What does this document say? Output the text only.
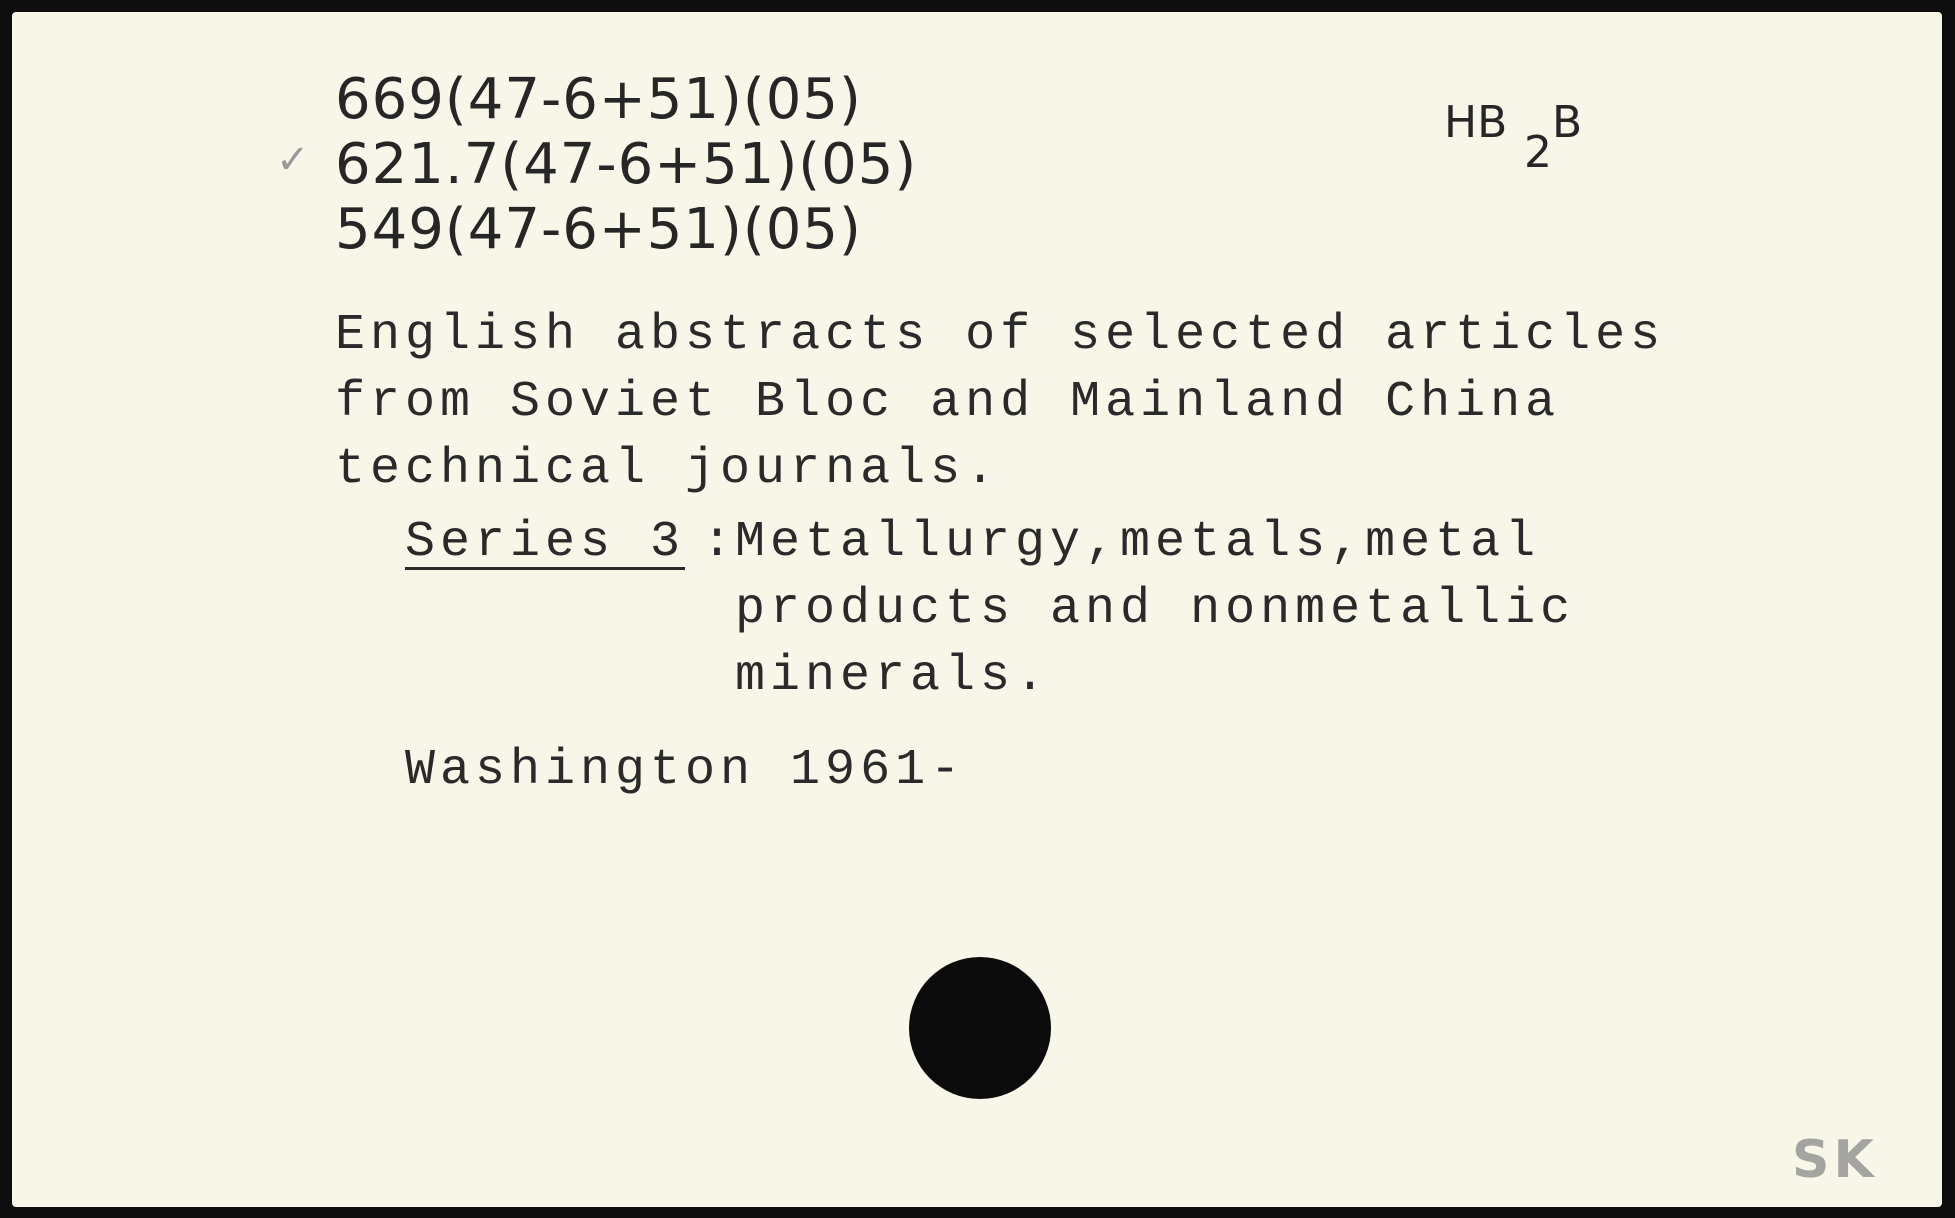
✓

669(47-6+51)(05)

621.7(47-6+51)(05)

549(47-6+51)(05)

HB
2
B

English abstracts of selected articles

from Soviet Bloc and Mainland China

technical journals.

Series 3 :

Metallurgy,metals,metal

products and nonmetallic

minerals.

Washington 1961-

SK
